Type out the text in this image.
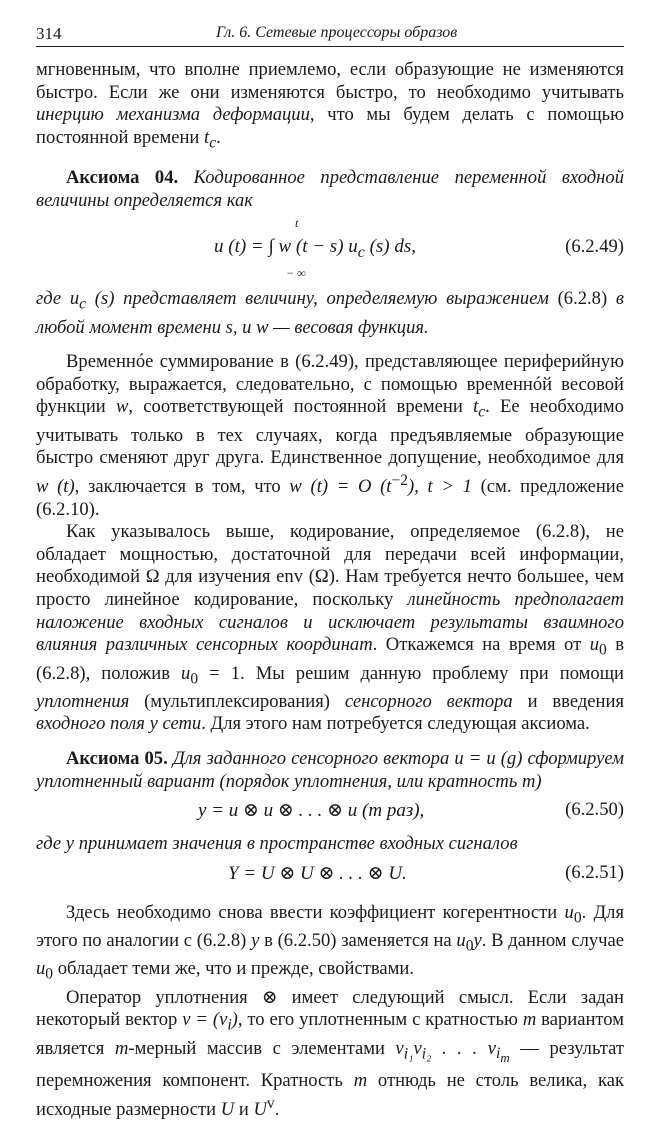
314	Гл. 6. Сетевые процессоры образов

мгновенным, что вполне приемлемо, если образующие не изменяются быстро. Если же они изменяются быстро, то необходимо учитывать инерцию механизма деформации, что мы будем делать с помощью постоянной времени $t_c$.

Аксиома 04. Кодированное представление переменной входной величины определяется как

t
u (t) = ∫ w (t − s) $u_c$ (s) ds,
− ∞
(6.2.49)

где $u_c$ (s) представляет величину, определяемую выражением (6.2.8) в любой момент времени s, и w — весовая функция.

Временнóе суммирование в (6.2.49), представляющее периферийную обработку, выражается, следовательно, с помощью временнóй весовой функции w, соответствующей постоянной времени $t_c$. Ее необходимо учитывать только в тех случаях, когда предъявляемые образующие быстро сменяют друг друга. Единственное допущение, необходимое для w (t), заключается в том, что w (t) = O $(t^{-2})$, t > 1 (см. предложение (6.2.10).

Как указывалось выше, кодирование, определяемое (6.2.8), не обладает мощностью, достаточной для передачи всей информации, необходимой Ω для изучения env (Ω). Нам требуется нечто большее, чем просто линейное кодирование, поскольку линейность предполагает наложение входных сигналов и исключает результаты взаимного влияния различных сенсорных координат. Откажемся на время от $u_0$ в (6.2.8), положив $u_0 = 1$. Мы решим данную проблему при помощи уплотнения (мультиплексирования) сенсорного вектора и введения входного поля у сети. Для этого нам потребуется следующая аксиома.

Аксиома 05. Для заданного сенсорного вектора u = u (g) сформируем уплотненный вариант (порядок уплотнения, или кратность m)

y = u ⊗ u ⊗ . . . ⊗ u (m раз),	(6.2.50)

где y принимает значения в пространстве входных сигналов

Y = U ⊗ U ⊗ . . . ⊗ U.	(6.2.51)

Здесь необходимо снова ввести коэффициент когерентности $u_0$. Для этого по аналогии с (6.2.8) y в (6.2.50) заменяется на $u_0y$. В данном случае $u_0$ обладает теми же, что и прежде, свойствами.

Оператор уплотнения ⊗ имеет следующий смысл. Если задан некоторый вектор $v = (v_i)$, то его уплотненным с кратностью m вариантом является m-мерный массив с элементами $v_{i_1}v_{i_2}$ . . . $v_{i_m}$ — результат перемножения компонент. Кратность m отнюдь не столь велика, как исходные размерности U и $U^v$.
